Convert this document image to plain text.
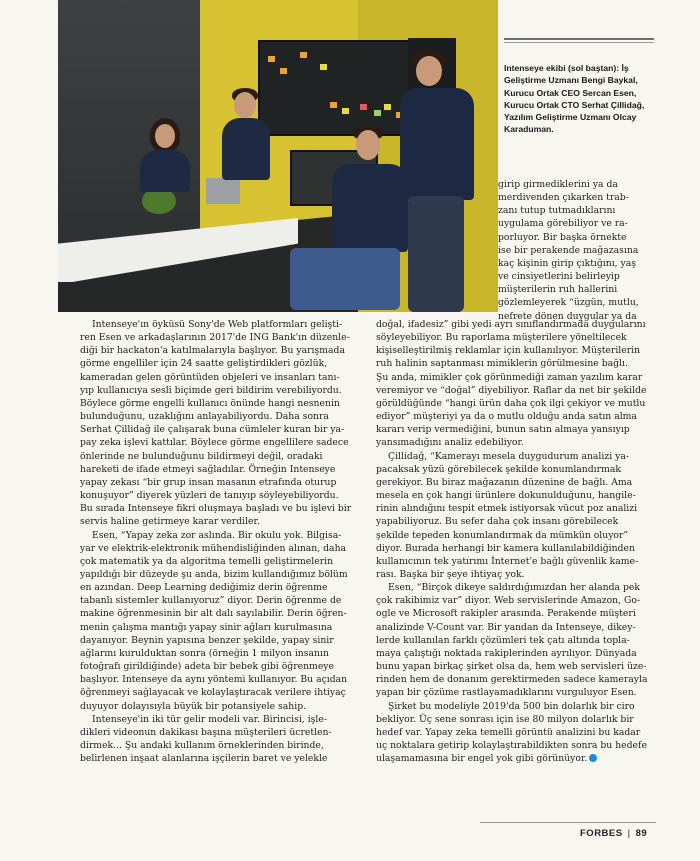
Intenseye ekibi (sol baştan): İş Geliştirme Uzmanı Bengi Baykal, Kurucu Ortak CEO Sercan Esen, Kurucu Ortak CTO Serhat Çillidağ, Yazılım Geliştirme Uzmanı Olcay Karaduman.

girip girmediklerini ya da

merdivenden çıkarken trab-

zanı tutup tutmadıklarını

uygulama görebiliyor ve ra-

porluyor. Bir başka örnekte

ise bir perakende mağazasına

kaç kişinin girip çıktığını, yaş

ve cinsiyetlerini belirleyip

müşterilerin ruh hallerini

gözlemleyerek “üzgün, mutlu,

nefrete dönen duygular ya da

Intenseye'ın öyküsü Sony'de Web platformları gelişti-

ren Esen ve arkadaşlarının 2017'de ING Bank'ın düzenle-

diği bir hackaton'a katılmalarıyla başlıyor. Bu yarışmada

görme engelliler için 24 saatte geliştirdikleri gözlük,

kameradan gelen görüntüden objeleri ve insanları tanı-

yıp kullanıcıya sesli biçimde geri bildirim verebiliyordu.

Böylece görme engelli kullanıcı önünde hangi nesnenin

bulunduğunu, uzaklığını anlayabiliyordu. Daha sonra

Serhat Çillidağ ile çalışarak buna cümleler kuran bir ya-

pay zeka işlevi kattılar. Böylece görme engellilere sadece

önlerinde ne bulunduğunu bildirmeyi değil, oradaki

hareketi de ifade etmeyi sağladılar. Örneğin Intenseye

yapay zekası “bir grup insan masanın etrafında oturup

konuşuyor” diyerek yüzleri de tanıyıp söyleyebiliyordu.

Bu sırada Intenseye fikri oluşmaya başladı ve bu işlevi bir

servis haline getirmeye karar verdiler.

Esen, “Yapay zeka zor aslında. Bir okulu yok. Bilgisa-

yar ve elektrik-elektronik mühendisliğinden alınan, daha

çok matematik ya da algoritma temelli geliştirmelerin

yapıldığı bir düzeyde şu anda, bizim kullandığımız bölüm

en azından. Deep Learning dediğimiz derin öğrenme

tabanlı sistemler kullanıyoruz” diyor. Derin öğrenme de

makine öğrenmesinin bir alt dalı sayılabilir. Derin öğren-

menin çalışma mantığı yapay sinir ağları kurulmasına

dayanıyor. Beynin yapısına benzer şekilde, yapay sinir

ağlarını kurulduktan sonra (örneğin 1 milyon insanın

fotoğrafı girildiğinde) adeta bir bebek gibi öğrenmeye

başlıyor. Intenseye da aynı yöntemi kullanıyor. Bu açıdan

öğrenmeyi sağlayacak ve kolaylaştıracak verilere ihtiyaç

duyuyor dolayısıyla büyük bir potansiyele sahip.

Intenseye'in iki tür gelir modeli var. Birincisi, işle-

dikleri videonun dakikası başına müşterileri ücretlen-

dirmek... Şu andaki kullanım örneklerinden birinde,

belirlenen inşaat alanlarına işçilerin baret ve yelekle

doğal, ifadesiz” gibi yedi ayrı sınıflandırmada duygularını

söyleyebiliyor. Bu raporlama müşterilere yöneltilecek

kişiselleştirilmiş reklamlar için kullanılıyor. Müşterilerin

ruh halinin saptanması mimiklerin görülmesine bağlı.

Şu anda, mimikler çok görünmediği zaman yazılım karar

veremiyor ve “doğal” diyebiliyor. Raflar da net bir şekilde

görüldüğünde “hangi ürün daha çok ilgi çekiyor ve mutlu

ediyor” müşteriyi ya da o mutlu olduğu anda satın alma

kararı verip vermediğini, bunun satın almaya yansıyıp

yansımadığını analiz edebiliyor.

Çillidağ, “Kamerayı mesela duygudurum analizi ya-

pacaksak yüzü görebilecek şekilde konumlandırmak

gerekiyor. Bu biraz mağazanın düzenine de bağlı. Ama

mesela en çok hangi ürünlere dokunulduğunu, hangile-

rinin alındığını tespit etmek istiyorsak vücut poz analizi

yapabiliyoruz. Bu sefer daha çok insanı görebilecek

şekilde tepeden konumlandırmak da mümkün oluyor”

diyor. Burada herhangi bir kamera kullanılabildiğinden

kullanıcının tek yatırımı İnternet'e bağlı güvenlik kame-

rası. Başka bir şeye ihtiyaç yok.

Esen, “Birçok dikeye saldırdığımızdan her alanda pek

çok rakibimiz var” diyor. Web servislerinde Amazon, Go-

ogle ve Microsoft rakipler arasında. Perakende müşteri

analizinde V-Count var. Bir yandan da Intenseye, dikey-

lerde kullanılan farklı çözümleri tek çatı altında topla-

maya çalıştığı noktada rakiplerinden ayrılıyor. Dünyada

bunu yapan birkaç şirket olsa da, hem web servisleri üze-

rinden hem de donanım gerektirmeden sadece kamerayla

yapan bir çözüme rastlayamadıklarını vurguluyor Esen.

Şirket bu modeliyle 2019'da 500 bin dolarlık bir ciro

bekliyor. Üç sene sonrası için ise 80 milyon dolarlık bir

hedef var. Yapay zeka temelli görüntü analizini bu kadar

uç noktalara getirip kolaylaştırabildikten sonra bu hedefe

ulaşamamasına bir engel yok gibi görünüyor.

FORBES | 89
